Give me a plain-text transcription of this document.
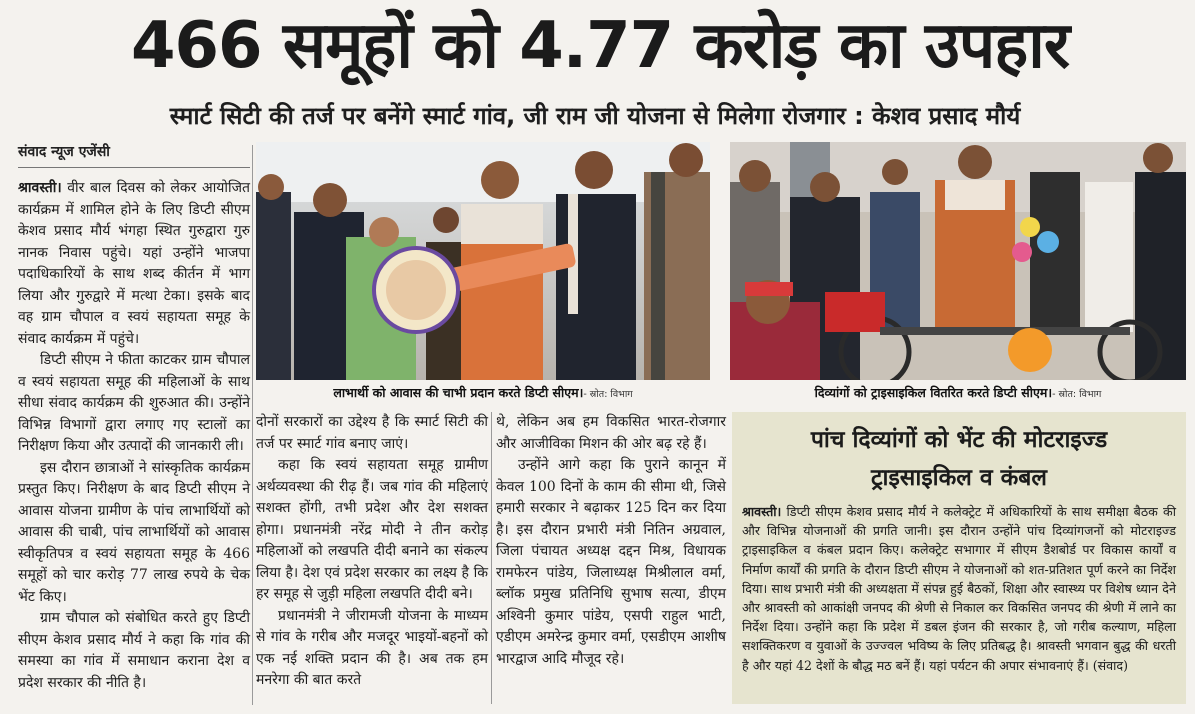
466 समूहों को 4.77 करोड़ का उपहार
स्मार्ट सिटी की तर्ज पर बनेंगे स्मार्ट गांव, जी राम जी योजना से मिलेगा रोजगार : केशव प्रसाद मौर्य
संवाद न्यूज एजेंसी

श्रावस्ती। वीर बाल दिवस को लेकर आयोजित कार्यक्रम में शामिल होने के लिए डिप्टी सीएम केशव प्रसाद मौर्य भंगहा स्थित गुरुद्वारा गुरु नानक निवास पहुंचे। यहां उन्होंने भाजपा पदाधिकारियों के साथ शब्द कीर्तन में भाग लिया और गुरुद्वारे में मत्था टेका। इसके बाद वह ग्राम चौपाल व स्वयं सहायता समूह के संवाद कार्यक्रम में पहुंचे।

डिप्टी सीएम ने फीता काटकर ग्राम चौपाल व स्वयं सहायता समूह की महिलाओं के साथ सीधा संवाद कार्यक्रम की शुरुआत की। उन्होंने विभिन्न विभागों द्वारा लगाए गए स्टालों का निरीक्षण किया और उत्पादों की जानकारी ली।

इस दौरान छात्राओं ने सांस्कृतिक कार्यक्रम प्रस्तुत किए। निरीक्षण के बाद डिप्टी सीएम ने आवास योजना ग्रामीण के पांच लाभार्थियों को आवास की चाबी, पांच लाभार्थियों को आवास स्वीकृतिपत्र व स्वयं सहायता समूह के 466 समूहों को चार करोड़ 77 लाख रुपये के चेक भेंट किए।

ग्राम चौपाल को संबोधित करते हुए डिप्टी सीएम केशव प्रसाद मौर्य ने कहा कि गांव की समस्या का गांव में समाधान कराना देश व प्रदेश सरकार की नीति है।

लाभार्थी को आवास की चाभी प्रदान करते डिप्टी सीएम।- स्रोत: विभाग	दिव्यांगों को ट्राइसाइकिल वितरित करते डिप्टी सीएम।- स्रोत: विभाग

दोनों सरकारों का उद्देश्य है कि स्मार्ट सिटी की तर्ज पर स्मार्ट गांव बनाए जाएं।

कहा कि स्वयं सहायता समूह ग्रामीण अर्थव्यवस्था की रीढ़ हैं। जब गांव की महिलाएं सशक्त होंगी, तभी प्रदेश और देश सशक्त होगा। प्रधानमंत्री नरेंद्र मोदी ने तीन करोड़ महिलाओं को लखपति दीदी बनाने का संकल्प लिया है। देश एवं प्रदेश सरकार का लक्ष्य है कि हर समूह से जुड़ी महिला लखपति दीदी बने।

प्रधानमंत्री ने जीरामजी योजना के माध्यम से गांव के गरीब और मजदूर भाइयों-बहनों को एक नई शक्ति प्रदान की है। अब तक हम मनरेगा की बात करते

थे, लेकिन अब हम विकसित भारत-रोजगार और आजीविका मिशन की ओर बढ़ रहे हैं।

उन्होंने आगे कहा कि पुराने कानून में केवल 100 दिनों के काम की सीमा थी, जिसे हमारी सरकार ने बढ़ाकर 125 दिन कर दिया है। इस दौरान प्रभारी मंत्री नितिन अग्रवाल, जिला पंचायत अध्यक्ष दद्दन मिश्र, विधायक रामफेरन पांडेय, जिलाध्यक्ष मिश्रीलाल वर्मा, ब्लॉक प्रमुख प्रतिनिधि सुभाष सत्या, डीएम अश्विनी कुमार पांडेय, एसपी राहुल भाटी, एडीएम अमरेन्द्र कुमार वर्मा, एसडीएम आशीष भारद्वाज आदि मौजूद रहे।

पांच दिव्यांगों को भेंट की मोटराइज्ड
ट्राइसाइकिल व कंबल
श्रावस्ती। डिप्टी सीएम केशव प्रसाद मौर्य ने कलेक्ट्रेट में अधिकारियों के साथ समीक्षा बैठक की और विभिन्न योजनाओं की प्रगति जानी। इस दौरान उन्होंने पांच दिव्यांगजनों को मोटराइज्ड ट्राइसाइकिल व कंबल प्रदान किए। कलेक्ट्रेट सभागार में सीएम डैशबोर्ड पर विकास कार्यों व निर्माण कार्यों की प्रगति के दौरान डिप्टी सीएम ने योजनाओं को शत-प्रतिशत पूर्ण करने का निर्देश दिया। साथ प्रभारी मंत्री की अध्यक्षता में संपन्न हुई बैठकों, शिक्षा और स्वास्थ्य पर विशेष ध्यान देने और श्रावस्ती को आकांक्षी जनपद की श्रेणी से निकाल कर विकसित जनपद की श्रेणी में लाने का निर्देश दिया। उन्होंने कहा कि प्रदेश में डबल इंजन की सरकार है, जो गरीब कल्याण, महिला सशक्तिकरण व युवाओं के उज्ज्वल भविष्य के लिए प्रतिबद्ध है। श्रावस्ती भगवान बुद्ध की धरती है और यहां 42 देशों के बौद्ध मठ बनें हैं। यहां पर्यटन की अपार संभावनाएं हैं। (संवाद)
